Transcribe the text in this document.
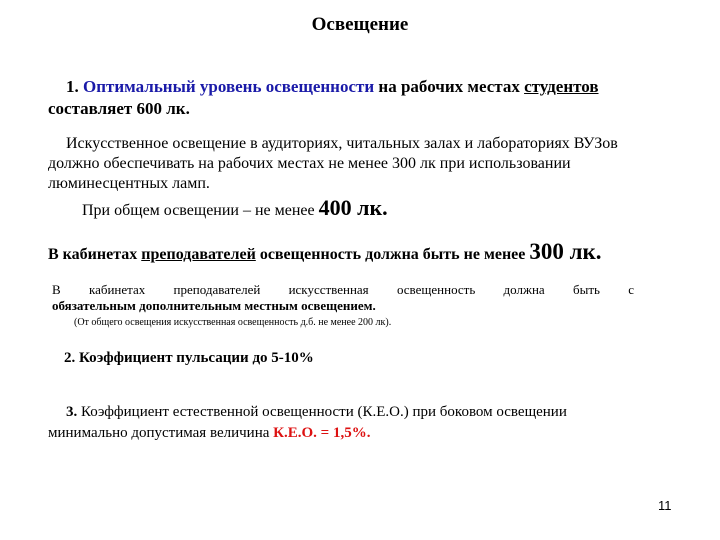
Освещение

1. Оптимальный уровень освещенности на рабочих местах студентов составляет 600 лк.

Искусственное освещение в аудиториях, читальных залах и лабораториях ВУЗов должно обеспечивать на рабочих местах не менее 300 лк при использовании люминесцентных ламп.

При общем освещении – не менее 400 лк.

В кабинетах преподавателей освещенность должна быть не менее 300 лк.

В кабинетах преподавателей искусственная освещенность должна быть с

обязательным дополнительным местным освещением.

(От общего освещения искусственная освещенность д.б. не менее 200 лк).

2. Коэффициент пульсации до 5-10%

3. Коэффициент естественной освещенности (К.Е.О.) при боковом освещении минимально допустимая величина К.Е.О. = 1,5%.

11
